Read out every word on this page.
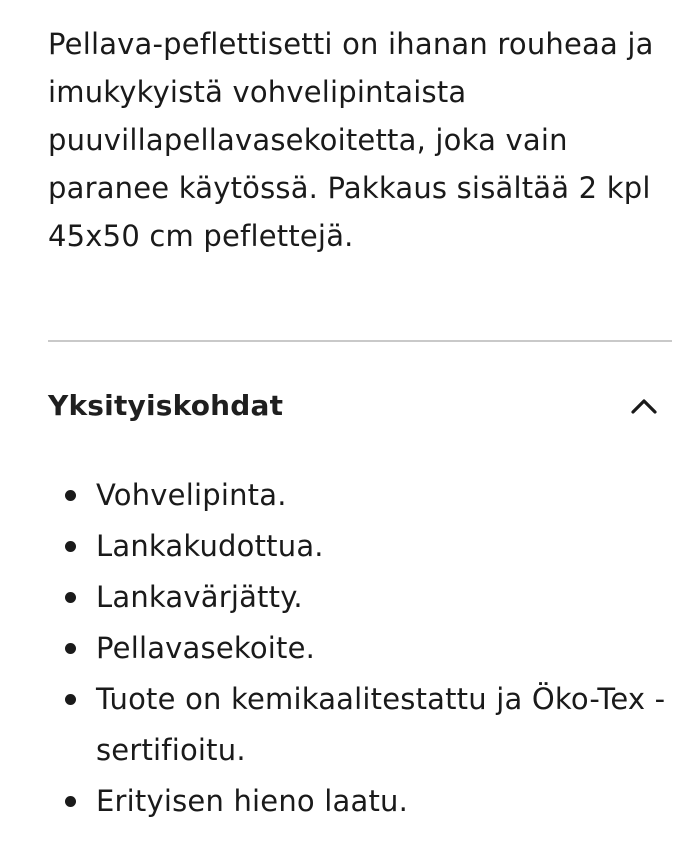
Pellava-peflettisetti on ihanan rouheaa ja imukykyistä vohvelipintaista puuvillapellavasekoitetta, joka vain paranee käytössä. Pakkaus sisältää 2 kpl 45x50 cm peflettejä.

Yksityiskohdat
Vohvelipinta.
Lankakudottua.
Lankavärjätty.
Pellavasekoite.
Tuote on kemikaalitestattu ja Öko-Tex -sertifioitu.
Erityisen hieno laatu.
